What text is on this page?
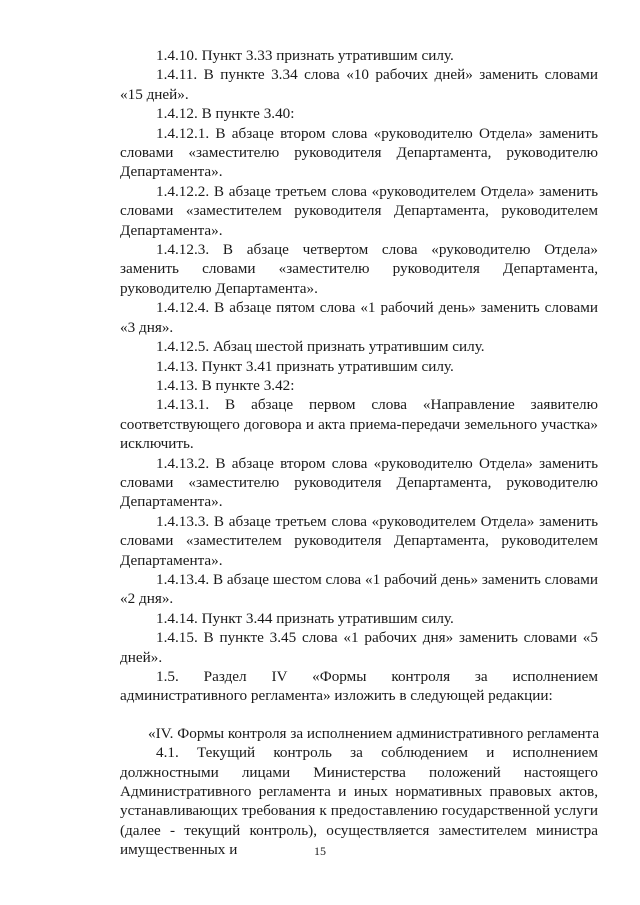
1.4.10. Пункт 3.33 признать утратившим силу.

1.4.11. В пункте 3.34 слова «10 рабочих дней» заменить словами «15 дней».

1.4.12. В пункте 3.40:

1.4.12.1. В абзаце втором слова «руководителю Отдела» заменить словами «заместителю руководителя Департамента, руководителю Департамента».

1.4.12.2. В абзаце третьем слова «руководителем Отдела» заменить словами «заместителем руководителя Департамента, руководителем Департамента».

1.4.12.3. В абзаце четвертом слова «руководителю Отдела» заменить словами «заместителю руководителя Департамента, руководителю Департамента».

1.4.12.4. В абзаце пятом слова «1 рабочий день» заменить словами «3 дня».

1.4.12.5. Абзац шестой признать утратившим силу.

1.4.13. Пункт 3.41 признать утратившим силу.

1.4.13. В пункте 3.42:

1.4.13.1. В абзаце первом слова «Направление заявителю соответствующего договора и акта приема-передачи земельного участка» исключить.

1.4.13.2. В абзаце втором слова «руководителю Отдела» заменить словами «заместителю руководителя Департамента, руководителю Департамента».

1.4.13.3. В абзаце третьем слова «руководителем Отдела» заменить словами «заместителем руководителя Департамента, руководителем Департамента».

1.4.13.4. В абзаце шестом слова «1 рабочий день» заменить словами «2 дня».

1.4.14. Пункт 3.44 признать утратившим силу.

1.4.15. В пункте 3.45 слова «1 рабочих дня» заменить словами «5 дней».

1.5. Раздел IV «Формы контроля за исполнением административного регламента» изложить в следующей редакции:

«IV. Формы контроля за исполнением административного регламента

4.1. Текущий контроль за соблюдением и исполнением должностными лицами Министерства положений настоящего Административного регламента и иных нормативных правовых актов, устанавливающих требования к предоставлению государственной услуги (далее - текущий контроль), осуществляется заместителем министра имущественных и	15
